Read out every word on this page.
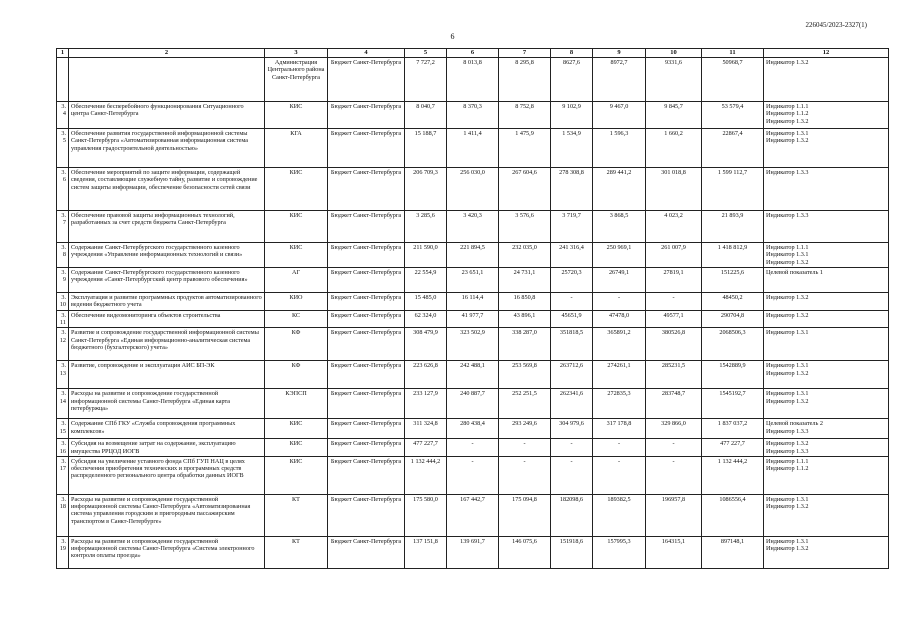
226045/2023-2327(1)
6
1	2	3	4	5	6	7	8	9	10	11	12
		Администрация Центрального района Санкт-Петербурга	Бюджет Санкт-Петербурга	7 727,2	8 013,8	8 295,8	8627,6	8972,7	9331,6	50968,7	Индикатор 1.3.2

3.4	Обеспечение бесперебойного функционирования Ситуационного центра Санкт-Петербурга	КИС	Бюджет Санкт-Петербурга	8 040,7	8 370,3	8 752,8	9 102,9	9 467,0	9 845,7	53 579,4	Индикатор 1.1.1
Индикатор 1.1.2
Индикатор 1.3.2

3.5	Обеспечение развития государственной информационной системы Санкт-Петербурга «Автоматизированная информационная система управления градостроительной деятельностью»	КГА	Бюджет Санкт-Петербурга	15 188,7	1 411,4	1 475,9	1 534,9	1 596,3	1 660,2	22867,4	Индикатор 1.3.1
Индикатор 1.3.2

3.6	Обеспечение мероприятий по защите информации, содержащей сведения, составляющие служебную тайну, развитие и сопровождение систем защиты информации, обеспечение безопасности сетей связи	КИС	Бюджет Санкт-Петербурга	206 709,3	256 030,0	267 604,6	278 308,8	289 441,2	301 018,8	1 599 112,7	Индикатор 1.3.3

3.7	Обеспечение правовой защиты информационных технологий, разработанных за счет средств бюджета Санкт-Петербурга	КИС	Бюджет Санкт-Петербурга	3 285,6	3 420,3	3 576,6	3 719,7	3 868,5	4 023,2	21 893,9	Индикатор 1.3.3

3.8	Содержание Санкт-Петербургского государственного казенного учреждения «Управление информационных технологий и связи»	КИС	Бюджет Санкт-Петербурга	211 590,0	221 894,5	232 035,0	241 316,4	250 969,1	261 007,9	1 418 812,9	Индикатор 1.1.1
Индикатор 1.3.1
Индикатор 1.3.2

3.9	Содержание Санкт-Петербургского государственного казенного учреждения «Санкт-Петербургский центр правового обеспечения»	АГ	Бюджет Санкт-Петербурга	22 554,9	23 651,1	24 731,1	25720,3	26749,1	27819,1	151225,6	Целевой показатель 1

3.10	Эксплуатация и развитие программных продуктов автоматизированного ведения бюджетного учета	КИО	Бюджет Санкт-Петербурга	15 485,0	16 114,4	16 850,8	-	-	-	48450,2	Индикатор 1.3.2

3.11	Обеспечение видеомониторинга объектов строительства	КС	Бюджет Санкт-Петербурга	62 324,0	41 977,7	43 896,1	45651,9	47478,0	49577,1	290704,8	Индикатор 1.3.2

3.12	Развитие и сопровождение государственной информационной системы Санкт-Петербурга «Единая информационно-аналитическая система бюджетного (бухгалтерского) учета»	КФ	Бюджет Санкт-Петербурга	308 479,9	323 502,9	338 287,0	351818,5	365891,2	380526,8	2068506,3	Индикатор 1.3.1

3.13	Развитие, сопровождение и эксплуатация АИС БП-ЭК	КФ	Бюджет Санкт-Петербурга	223 626,8	242 488,1	253 569,8	263712,6	274261,1	285231,5	1542889,9	Индикатор 1.3.1
Индикатор 1.3.2

3.14	Расходы на развитие и сопровождение государственной информационной системы Санкт-Петербурга «Единая карта петербуржца»	КЭПСП	Бюджет Санкт-Петербурга	233 127,9	240 887,7	252 251,5	262341,6	272835,3	283748,7	1545192,7	Индикатор 1.3.1
Индикатор 1.3.2

3.15	Содержание СПб ГКУ «Служба сопровождения программных комплексов»	КИС	Бюджет Санкт-Петербурга	311 324,8	280 438,4	293 249,6	304 979,6	317 178,8	329 866,0	1 837 037,2	Целевой показатель 2
Индикатор 1.3.3

3.16	Субсидия на возмещение затрат на содержание, эксплуатацию имущества РРЦОД ИОГВ	КИС	Бюджет Санкт-Петербурга	477 227,7	-	-	-	-	-	477 227,7	Индикатор 1.3.2
Индикатор 1.3.3

3.17	Субсидия на увеличение уставного фонда СПб ГУП НАЦ в целях обеспечения приобретения технических и программных средств распределенного регионального центра обработки данных ИОГВ	КИС	Бюджет Санкт-Петербурга	1 132 444,2	-	-	-	-	-	1 132 444,2	Индикатор 1.1.1
Индикатор 1.1.2

3.18	Расходы на развитие и сопровождение государственной информационной системы Санкт-Петербурга «Автоматизированная система управления городским и пригородным пассажирским транспортом в Санкт-Петербурге»	КТ	Бюджет Санкт-Петербурга	175 580,0	167 442,7	175 094,8	182098,6	189382,5	196957,8	1086556,4	Индикатор 1.3.1
Индикатор 1.3.2

3.19	Расходы на развитие и сопровождение государственной информационной системы Санкт-Петербурга «Система электронного контроля оплаты проезда»	КТ	Бюджет Санкт-Петербурга	137 151,8	139 691,7	146 075,6	151918,6	157995,3	164315,1	897148,1	Индикатор 1.3.1
Индикатор 1.3.2
